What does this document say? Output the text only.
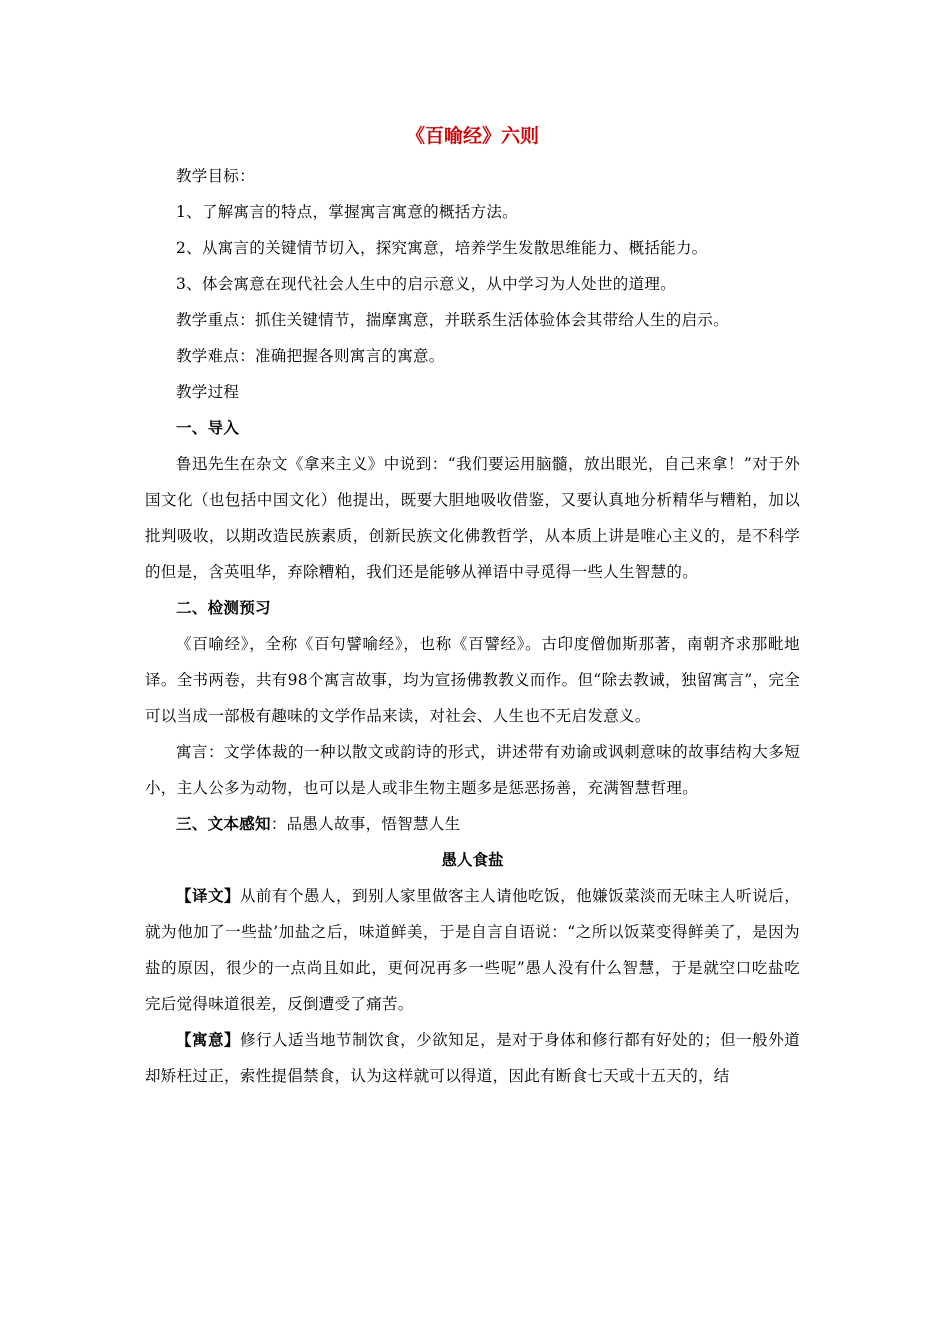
《百喻经》六则

教学目标：

1、了解寓言的特点，掌握寓言寓意的概括方法。

2、从寓言的关键情节切入，探究寓意，培养学生发散思维能力、概括能力。

3、体会寓意在现代社会人生中的启示意义，从中学习为人处世的道理。

教学重点：抓住关键情节，揣摩寓意，并联系生活体验体会其带给人生的启示。

教学难点：准确把握各则寓言的寓意。

教学过程

一、导入

鲁迅先生在杂文《拿来主义》中说到：“我们要运用脑髓，放出眼光，自己来拿！”对于外国文化（也包括中国文化）他提出，既要大胆地吸收借鉴，又要认真地分析精华与糟粕，加以批判吸收，以期改造民族素质，创新民族文化佛教哲学，从本质上讲是唯心主义的，是不科学的但是，含英咀华，弃除糟粕，我们还是能够从禅语中寻觅得一些人生智慧的。

二、检测预习

《百喻经》，全称《百句譬喻经》，也称《百譬经》。古印度僧伽斯那著，南朝齐求那毗地译。全书两卷，共有98个寓言故事，均为宣扬佛教教义而作。但“除去教诫，独留寓言”，完全可以当成一部极有趣味的文学作品来读，对社会、人生也不无启发意义。

寓言：文学体裁的一种以散文或韵诗的形式，讲述带有劝谕或讽刺意味的故事结构大多短小，主人公多为动物，也可以是人或非生物主题多是惩恶扬善，充满智慧哲理。

三、文本感知：品愚人故事，悟智慧人生

愚人食盐

【译文】从前有个愚人，到别人家里做客主人请他吃饭，他嫌饭菜淡而无味主人听说后，就为他加了一些盐’加盐之后，味道鲜美，于是自言自语说：“之所以饭菜变得鲜美了，是因为盐的原因，很少的一点尚且如此，更何况再多一些呢”愚人没有什么智慧，于是就空口吃盐吃完后觉得味道很差，反倒遭受了痛苦。

【寓意】修行人适当地节制饮食，少欲知足，是对于身体和修行都有好处的；但一般外道却矫枉过正，索性提倡禁食，认为这样就可以得道，因此有断食七天或十五天的，结
